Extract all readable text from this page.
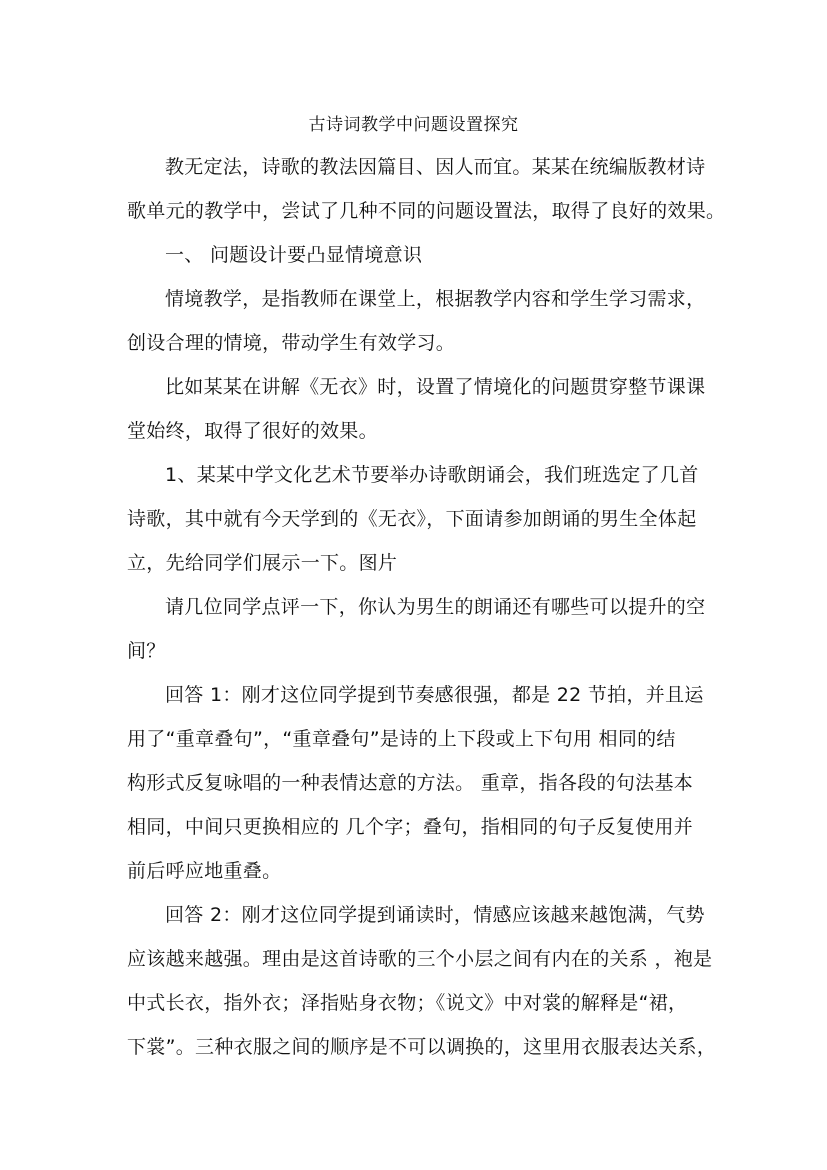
古诗词教学中问题设置探究
教无定法，诗歌的教法因篇目、因人而宜。某某在统编版教材诗
歌单元的教学中，尝试了几种不同的问题设置法，取得了良好的效果。
一、 问题设计要凸显情境意识
情境教学，是指教师在课堂上，根据教学内容和学生学习需求，
创设合理的情境，带动学生有效学习。
比如某某在讲解《无衣》时，设置了情境化的问题贯穿整节课课
堂始终，取得了很好的效果。
1、某某中学文化艺术节要举办诗歌朗诵会，我们班选定了几首
诗歌，其中就有今天学到的《无衣》，下面请参加朗诵的男生全体起
立，先给同学们展示一下。图片
请几位同学点评一下，你认为男生的朗诵还有哪些可以提升的空
间？
回答 1：刚才这位同学提到节奏感很强，都是 22 节拍，并且运
用了“重章叠句”，“重章叠句”是诗的上下段或上下句用 相同的结
构形式反复咏唱的一种表情达意的方法。 重章，指各段的句法基本
相同，中间只更换相应的 几个字；叠句，指相同的句子反复使用并
前后呼应地重叠。
回答 2：刚才这位同学提到诵读时，情感应该越来越饱满，气势
应该越来越强。理由是这首诗歌的三个小层之间有内在的关系 ，袍是
中式长衣，指外衣；泽指贴身衣物；《说文》中对裳的解释是“裙，
下裳”。三种衣服之间的顺序是不可以调换的，这里用衣服表达关系，
